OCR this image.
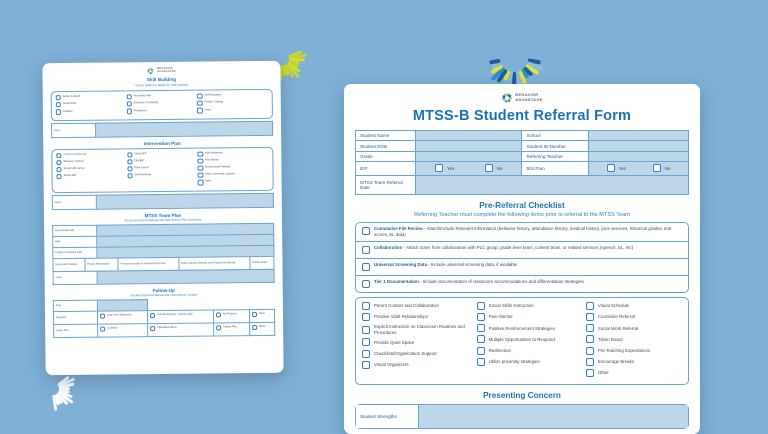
BEHAVIOR
ADVANTAGE
Skill Building
Select skill(s) to target for skill building
Ability to attend
Social Skills
Initiation
Accessing Help
Executive Functioning
Persistence
Self Regulation
Flexible Thinking
Other
Notes	
Intervention Plan
Check-In Check-Out
Behavior Contract
Social Skills Group
Simple BIP
Simple BIP
FBA/BIP
Point Tracker
Self Monitoring
Adult Mentoring
Peer Mentor
Mental Health Referral
Other Community Supports
Other
Notes	
MTSS Team Plan
Social-Emotional Behavioral Intervention Plan Summary
Goal Student will	
Data	
Follow-Up Meeting Date	
Intervention Details	Person Responsible	Frequency/Length of Session/Group Size	Data Collection Method and Progress Monitoring	Fidelity Notes
Notes	
Follow-Up
Social-Emotional Behavioral Intervention Update
Date				
Progress	Goal met / Addressed	Limited progress - continue plan	No Progress	Other

Action Plan	Continue	Fade/Discontinue	Update Plan	Other
BEHAVIOR
ADVANTAGE
MTSS-B Student Referral Form
Student Name		School	
Student DOB		Student ID Number	
Grade		Referring Teacher	
IEP	Yes	No	504 Plan	Yes	No

MTSS Team Referral Date			
Pre-Referral Checklist
Referring Teacher must complete the following items prior to referral to the MTSS Team
Cumulative File Review - Attach/Include Relevant Information (behavior history, attendance history, medical history, prior services, historical grades, test scores, EL data)
Collaboration - Attach notes from collaboration with PLC group, grade level team, content team, or related services (speech, EL, etc)
Universal Screening Data - Include universal screening data, if available
Tier 1 Documentation - Include documentation of classroom accommodations and differentiation strategies
Parent Contact and Collaboration
Positive Adult Relationships
Explicit Instruction on Classroom Routines and Procedures
Provide Quiet Space
Checklists/Organization Support
Visual Organizers
Social Skills Instruction
Peer Mentor
Positive Reinforcement Strategies
Multiple Opportunities to Respond
Redirection
Utilize proximity strategies
Visual Schedule
Counselor Referral
Social Work Referral
Token Board
Pre-Teaching Expectations
Encourage Breaks
Other
Presenting Concern
Student Strengths	
